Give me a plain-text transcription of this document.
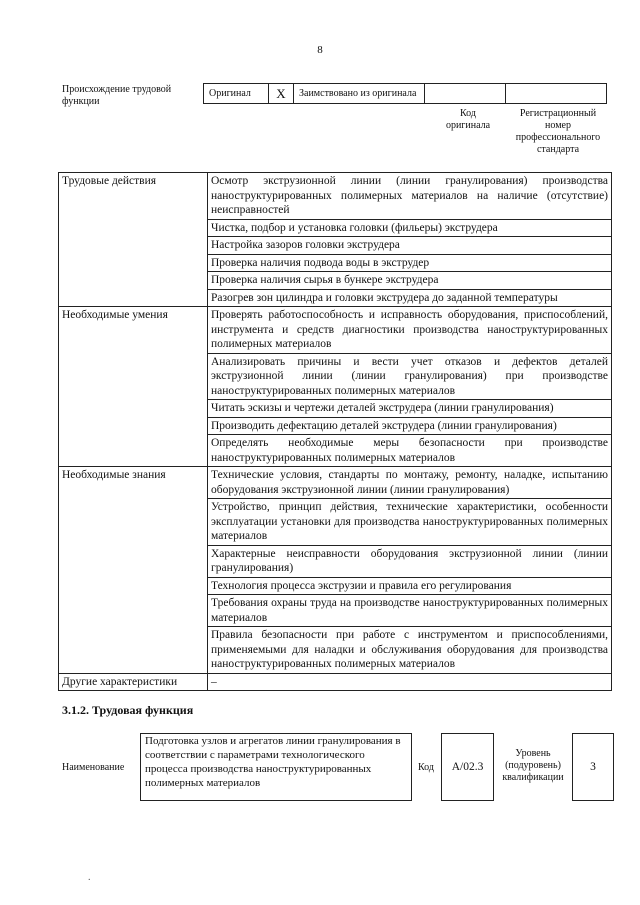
8
Происхождение трудовой функции
Оригинал	X	Заимствовано из оригинала		
Код оригинала
Регистрационный номер профессионального стандарта
Трудовые действия	Осмотр экструзионной линии (линии гранулирования) производства наноструктурированных полимерных материалов на наличие (отсутствие) неисправностей
	Чистка, подбор и установка головки (фильеры) экструдера
	Настройка зазоров головки экструдера
	Проверка наличия подвода воды в экструдер
	Проверка наличия сырья в бункере экструдера
	Разогрев зон цилиндра и головки экструдера до заданной температуры
Необходимые умения	Проверять работоспособность и исправность оборудования, приспособлений, инструмента и средств диагностики производства наноструктурированных полимерных материалов
	Анализировать причины и вести учет отказов и дефектов деталей экструзионной линии (линии гранулирования) при производстве наноструктурированных полимерных материалов
	Читать эскизы и чертежи деталей экструдера (линии гранулирования)
	Производить дефектацию деталей экструдера (линии гранулирования)
	Определять необходимые меры безопасности при производстве наноструктурированных полимерных материалов
Необходимые знания	Технические условия, стандарты по монтажу, ремонту, наладке, испытанию оборудования экструзионной линии (линии гранулирования)
	Устройство, принцип действия, технические характеристики, особенности эксплуатации установки для производства наноструктурированных полимерных материалов
	Характерные неисправности оборудования экструзионной линии (линии гранулирования)
	Технология процесса экструзии и правила его регулирования
	Требования охраны труда на производстве наноструктурированных полимерных материалов
	Правила безопасности при работе с инструментом и приспособлениями, применяемыми для наладки и обслуживания оборудования для производства наноструктурированных полимерных материалов
Другие характеристики	–
3.1.2. Трудовая функция
Наименование
Подготовка узлов и агрегатов линии гранулирования в соответствии с параметрами технологического процесса производства наноструктурированных полимерных материалов
Код	А/02.3
Уровень (подуровень) квалификации
3
.
